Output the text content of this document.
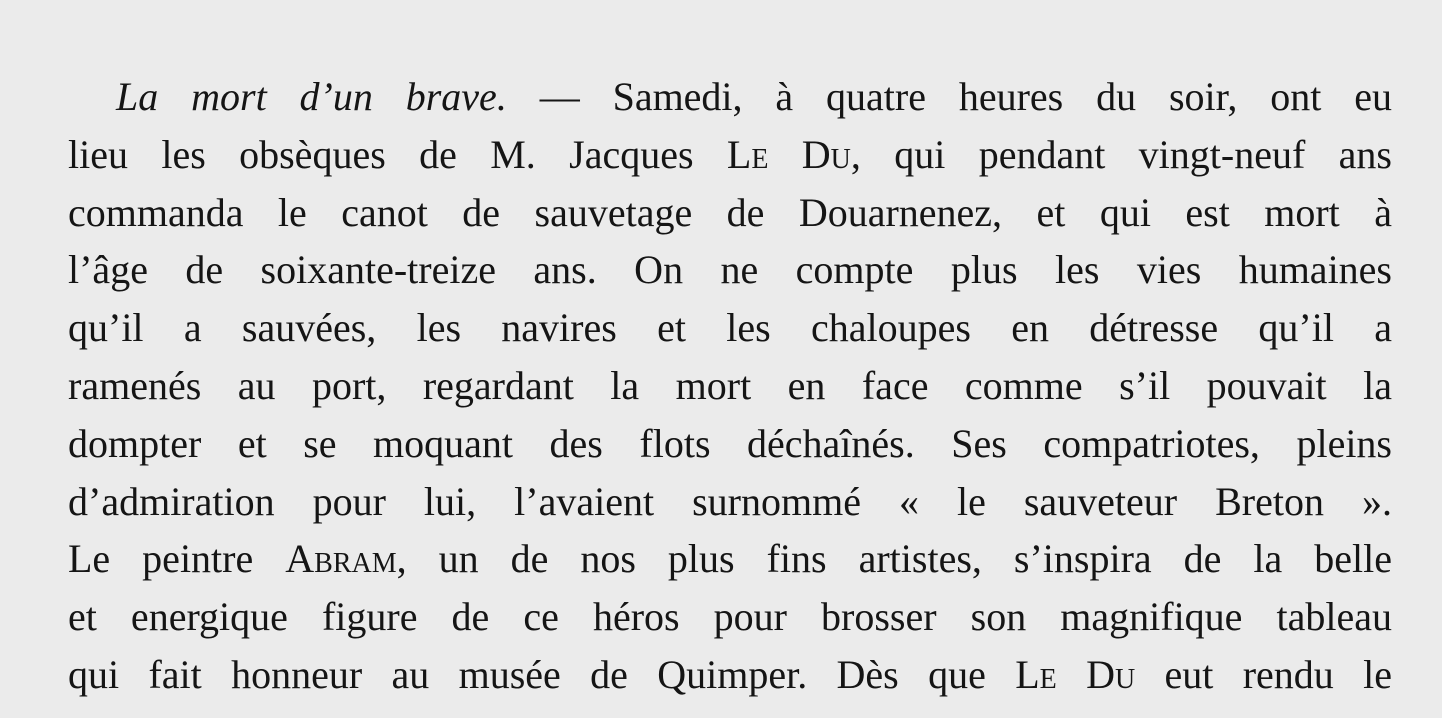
La mort d’un brave. — Samedi, à quatre heures du soir, ont eu
lieu les obsèques de M. Jacques Le Du, qui pendant vingt-neuf ans
commanda le canot de sauvetage de Douarnenez, et qui est mort à
l’âge de soixante-treize ans. On ne compte plus les vies humaines
qu’il a sauvées, les navires et les chaloupes en détresse qu’il a
ramenés au port, regardant la mort en face comme s’il pouvait la
dompter et se moquant des flots déchaînés. Ses compatriotes, pleins
d’admiration pour lui, l’avaient surnommé « le sauveteur Breton ».
Le peintre Abram, un de nos plus fins artistes, s’inspira de la belle
et energique figure de ce héros pour brosser son magnifique tableau
qui fait honneur au musée de Quimper. Dès que Le Du eut rendu le
